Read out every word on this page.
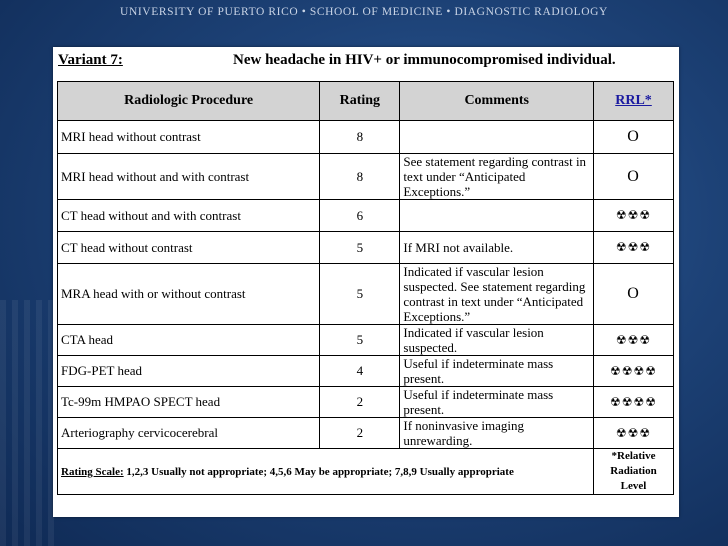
UNIVERSITY OF PUERTO RICO • SCHOOL OF MEDICINE • DIAGNOSTIC RADIOLOGY
Variant 7:	New headache in HIV+ or immunocompromised individual.
Radiologic Procedure	Rating	Comments	RRL*
MRI head without contrast	8		O
MRI head without and with contrast	8	See statement regarding contrast in text under “Anticipated Exceptions.”	O
CT head without and with contrast	6		☢☢☢
CT head without contrast	5	If MRI not available.	☢☢☢
MRA head with or without contrast	5	Indicated if vascular lesion suspected. See statement regarding contrast in text under “Anticipated Exceptions.”	O
CTA head	5	Indicated if vascular lesion suspected.	☢☢☢
FDG-PET head	4	Useful if indeterminate mass present.	☢☢☢☢
Tc-99m HMPAO SPECT head	2	Useful if indeterminate mass present.	☢☢☢☢
Arteriography cervicocerebral	2	If noninvasive imaging unrewarding.	☢☢☢
Rating Scale: 1,2,3 Usually not appropriate; 4,5,6 May be appropriate; 7,8,9 Usually appropriate			*Relative
Radiation Level
